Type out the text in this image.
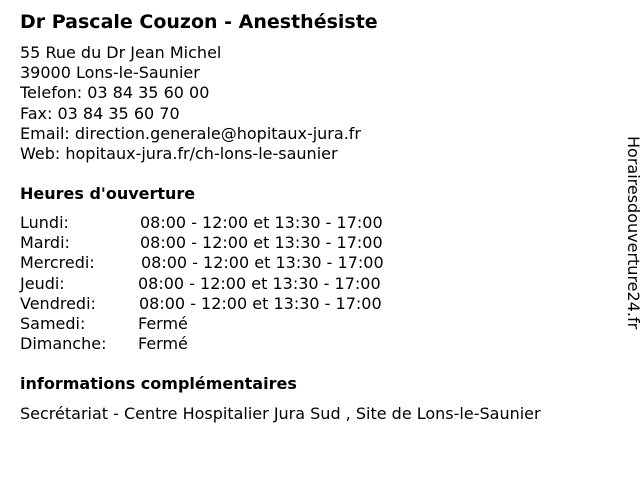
Dr Pascale Couzon - Anesthésiste
55 Rue du Dr Jean Michel
39000 Lons-le-Saunier
Telefon: 03 84 35 60 00
Fax: 03 84 35 60 70
Email: direction.generale@hopitaux-jura.fr
Web: hopitaux-jura.fr/ch-lons-le-saunier
Heures d'ouverture
Lundi:	08:00 - 12:00 et 13:30 - 17:00
Mardi:	08:00 - 12:00 et 13:30 - 17:00
Mercredi:	08:00 - 12:00 et 13:30 - 17:00
Jeudi:	08:00 - 12:00 et 13:30 - 17:00
Vendredi:	08:00 - 12:00 et 13:30 - 17:00
Samedi:	Fermé
Dimanche: Fermé
informations complémentaires
Secrétariat - Centre Hospitalier Jura Sud , Site de Lons-le-Saunier
Horairesdouverture24.fr
